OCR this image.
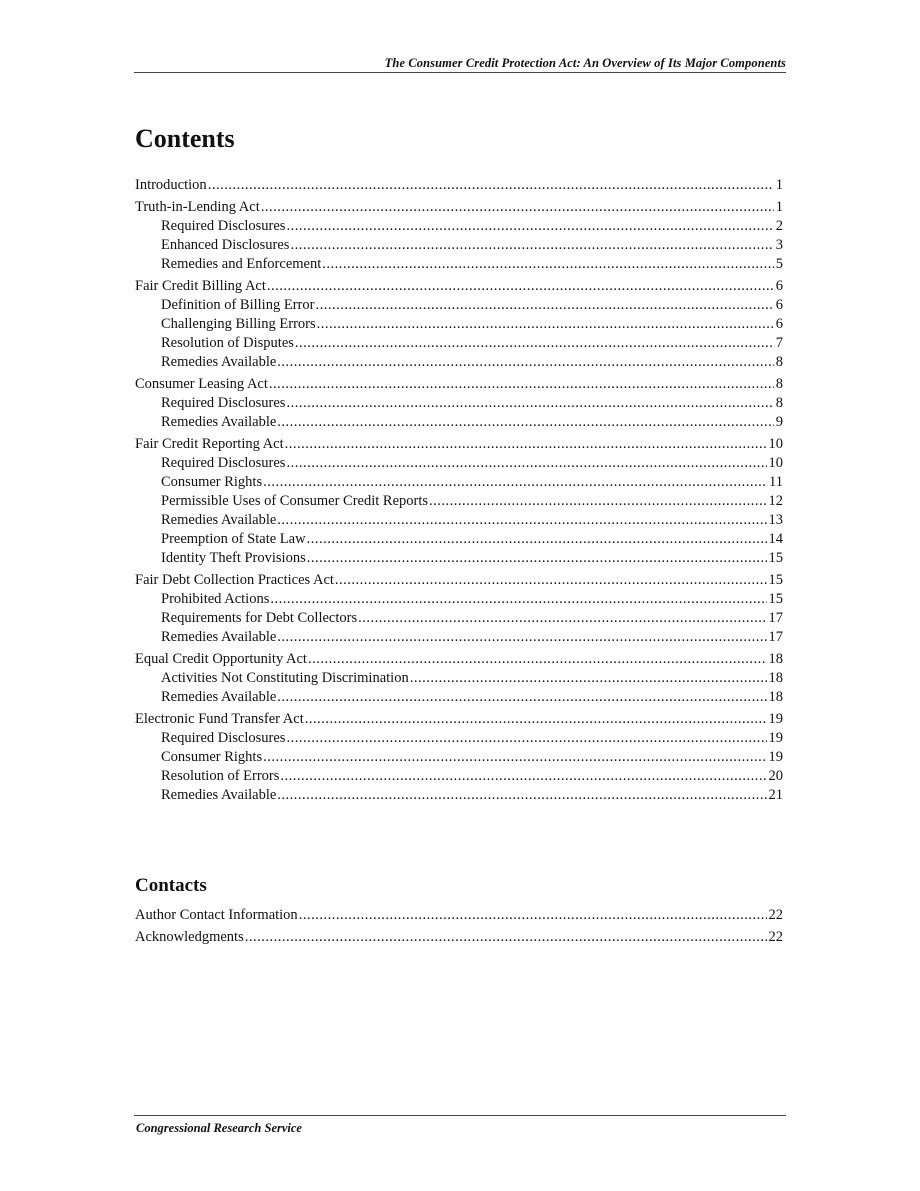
The Consumer Credit Protection Act: An Overview of Its Major Components
Contents
Introduction .....	1
Truth-in-Lending Act .....	1
Required Disclosures .....	2
Enhanced Disclosures .....	3
Remedies and Enforcement .....	5
Fair Credit Billing Act .....	6
Definition of Billing Error .....	6
Challenging Billing Errors .....	6
Resolution of Disputes .....	7
Remedies Available .....	8
Consumer Leasing Act .....	8
Required Disclosures .....	8
Remedies Available .....	9
Fair Credit Reporting Act .....	10
Required Disclosures .....	10
Consumer Rights .....	11
Permissible Uses of Consumer Credit Reports .....	12
Remedies Available .....	13
Preemption of State Law .....	14
Identity Theft Provisions .....	15
Fair Debt Collection Practices Act .....	15
Prohibited Actions .....	15
Requirements for Debt Collectors .....	17
Remedies Available .....	17
Equal Credit Opportunity Act .....	18
Activities Not Constituting Discrimination .....	18
Remedies Available .....	18
Electronic Fund Transfer Act .....	19
Required Disclosures .....	19
Consumer Rights .....	19
Resolution of Errors .....	20
Remedies Available .....	21
Contacts
Author Contact Information .....	22
Acknowledgments .....	22
Congressional Research Service
